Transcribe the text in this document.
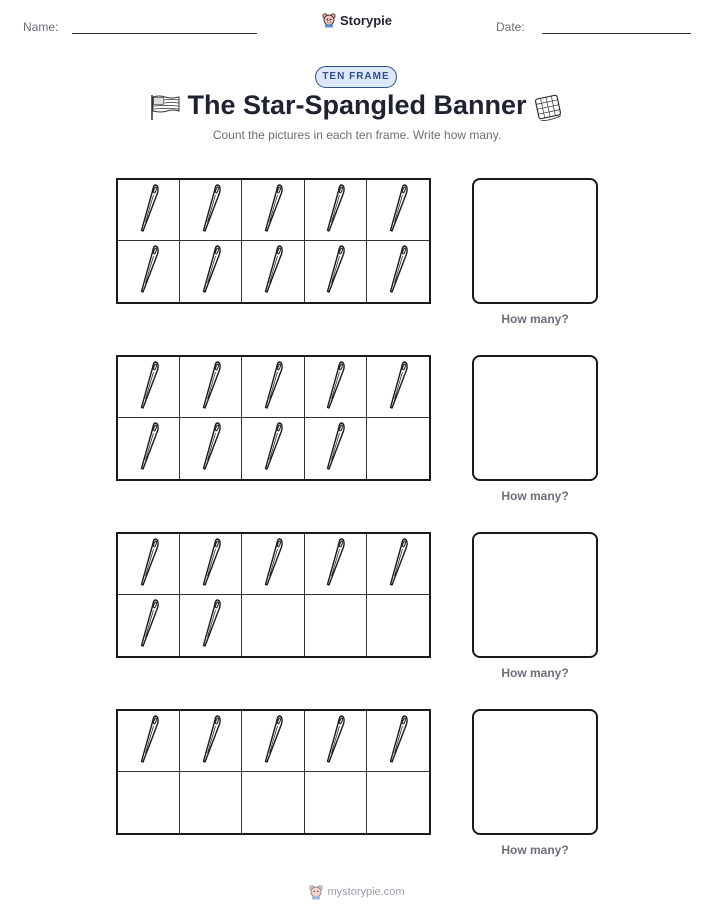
Name:	Storypie	Date:
TEN FRAME
The Star-Spangled Banner
Count the pictures in each ten frame. Write how many.
How many?
How many?
How many?
How many?
mystorypie.com
